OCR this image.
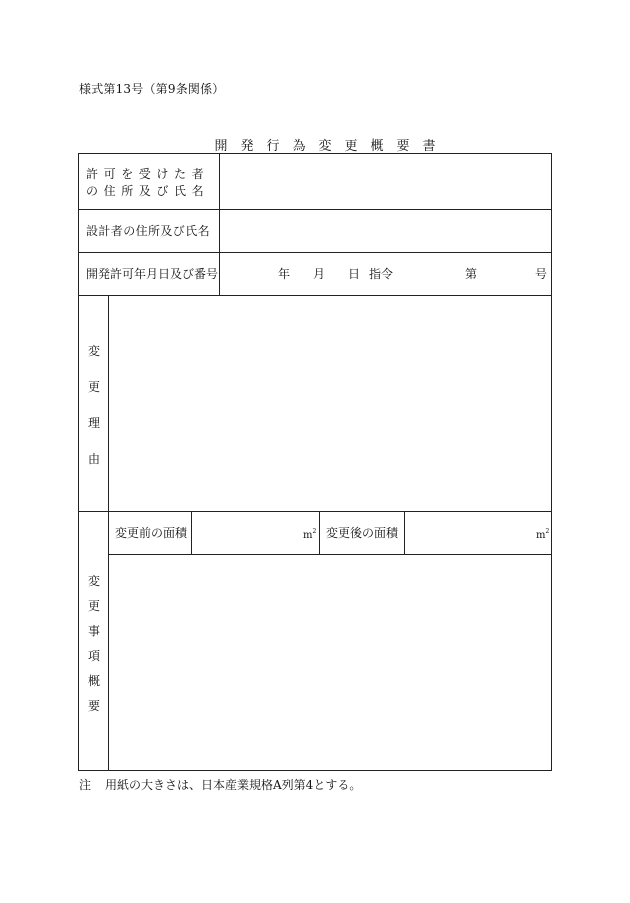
様式第13号（第9条関係）
開　発　行　為　変　更　概　要　書
許可を受けた者
の住所及び氏名
設計者の住所及び氏名
開発許可年月日及び番号	年 月 日 指令	第	号
変
更
理
由
変
更
事
項
概
要
変更前の面積	$m^2$ 変更後の面積	$m^2$
注 用紙の大きさは、日本産業規格A列第4とする。
